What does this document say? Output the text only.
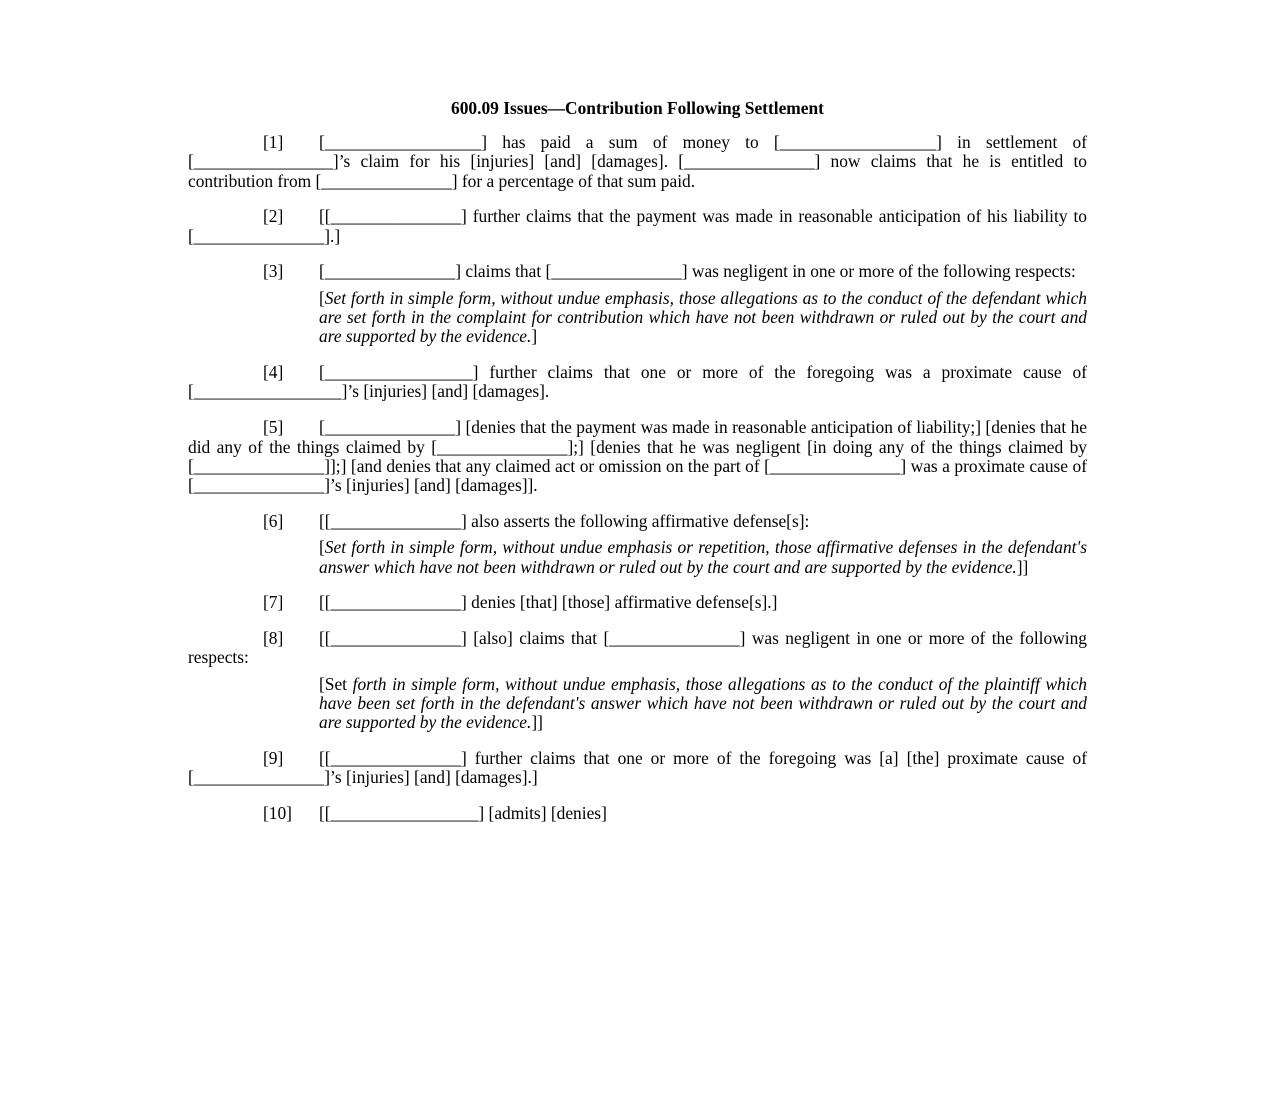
600.09 Issues—Contribution Following Settlement
[1] [__________________] has paid a sum of money to [__________________] in settlement of [________________]’s claim for his [injuries] [and] [damages]. [_______________] now claims that he is entitled to contribution from [_______________] for a percentage of that sum paid.
[2] [[_______________] further claims that the payment was made in reasonable anticipation of his liability to [_______________].]
[3] [_______________] claims that [_______________] was negligent in one or more of the following respects:
[Set forth in simple form, without undue emphasis, those allegations as to the conduct of the defendant which are set forth in the complaint for contribution which have not been withdrawn or ruled out by the court and are supported by the evidence.]
[4] [_________________] further claims that one or more of the foregoing was a proximate cause of [_________________]’s [injuries] [and] [damages].
[5] [_______________] [denies that the payment was made in reasonable anticipation of liability;] [denies that he did any of the things claimed by [_______________];] [denies that he was negligent [in doing any of the things claimed by [_______________]];] [and denies that any claimed act or omission on the part of [_______________] was a proximate cause of [_______________]’s [injuries] [and] [damages]].
[6] [[_______________] also asserts the following affirmative defense[s]:
[Set forth in simple form, without undue emphasis or repetition, those affirmative defenses in the defendant's answer which have not been withdrawn or ruled out by the court and are supported by the evidence.]]
[7] [[_______________] denies [that] [those] affirmative defense[s].]
[8] [[_______________] [also] claims that [_______________] was negligent in one or more of the following respects:
[Set forth in simple form, without undue emphasis, those allegations as to the conduct of the plaintiff which have been set forth in the defendant's answer which have not been withdrawn or ruled out by the court and are supported by the evidence.]]
[9] [[_______________] further claims that one or more of the foregoing was [a] [the] proximate cause of [_______________]’s [injuries] [and] [damages].]
[10] [[_________________] [admits] [denies]
